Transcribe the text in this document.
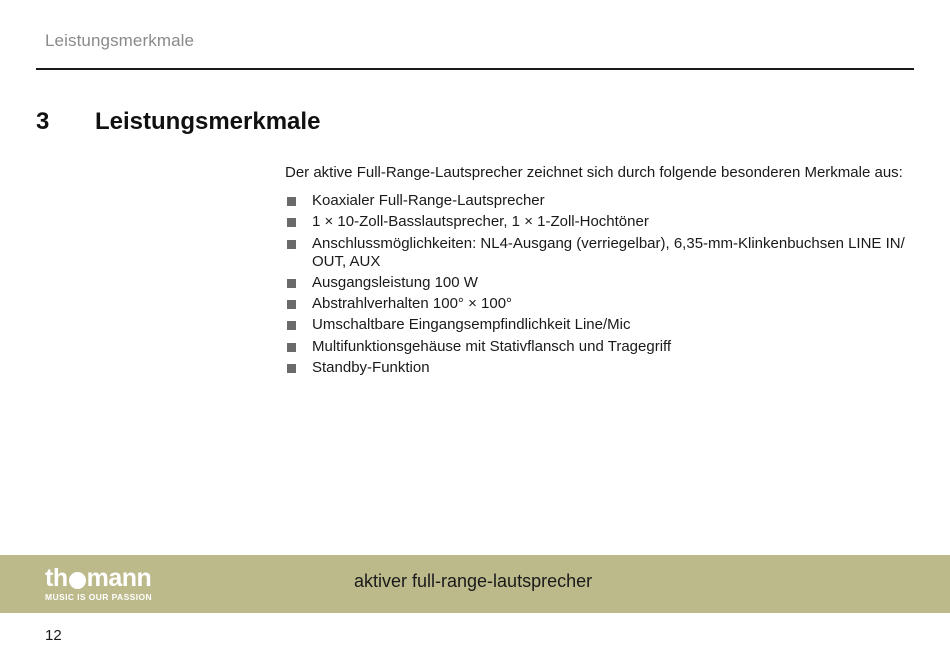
Leistungsmerkmale
3 Leistungsmerkmale

Der aktive Full-Range-Lautsprecher zeichnet sich durch folgende besonderen Merkmale aus:

Koaxialer Full-Range-Lautsprecher
1 × 10-Zoll-Basslautsprecher, 1 × 1-Zoll-Hochtöner
Anschlussmöglichkeiten: NL4-Ausgang (verriegelbar), 6,35-mm-Klinkenbuchsen LINE IN/ OUT, AUX
Ausgangsleistung 100 W
Abstrahlverhalten 100° × 100°
Umschaltbare Eingangsempfindlichkeit Line/Mic
Multifunktionsgehäuse mit Stativflansch und Tragegriff
Standby-Funktion
th mann
MUSIC IS OUR PASSION
aktiver full-range-lautsprecher
12
